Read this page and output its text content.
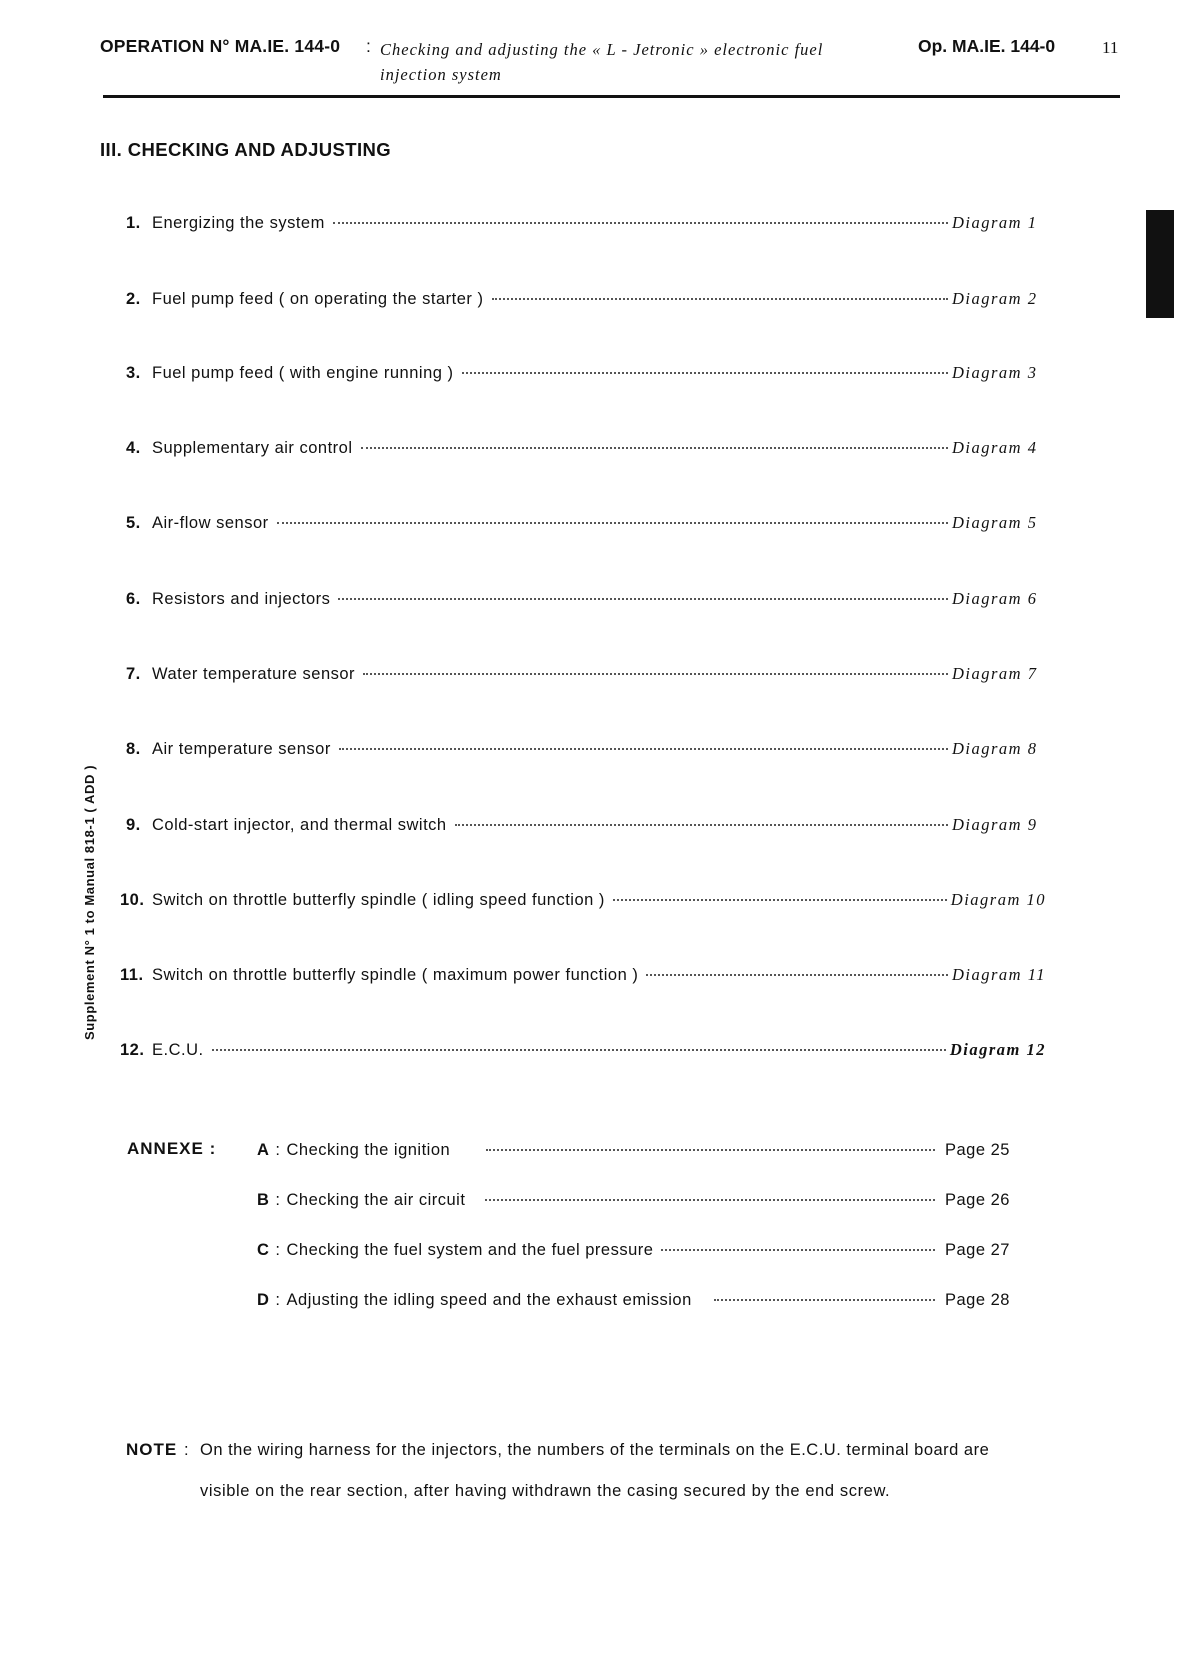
OPERATION N° MA.IE. 144-0 : Checking and adjusting the « L - Jetronic » electronic fuel injection system
Op. MA.IE. 144-0	11
Supplement N° 1 to Manual 818-1 ( ADD )
III. CHECKING AND ADJUSTING
1. Energizing the system	Diagram 1
2. Fuel pump feed ( on operating the starter )	Diagram 2
3. Fuel pump feed ( with engine running )	Diagram 3
4. Supplementary air control	Diagram 4
5. Air-flow sensor	Diagram 5
6. Resistors and injectors	Diagram 6
7. Water temperature sensor	Diagram 7
8. Air temperature sensor	Diagram 8
9. Cold-start injector, and thermal switch	Diagram 9
10. Switch on throttle butterfly spindle ( idling speed function )	Diagram 10
11. Switch on throttle butterfly spindle ( maximum power function )	Diagram 11
12. E.C.U.	Diagram 12
ANNEXE : A : Checking the ignition	Page 25
B : Checking the air circuit	Page 26
C : Checking the fuel system and the fuel pressure	Page 27
D : Adjusting the idling speed and the exhaust emission	Page 28
NOTE : On the wiring harness for the injectors, the numbers of the terminals on the E.C.U. terminal board are
visible on the rear section, after having withdrawn the casing secured by the end screw.
